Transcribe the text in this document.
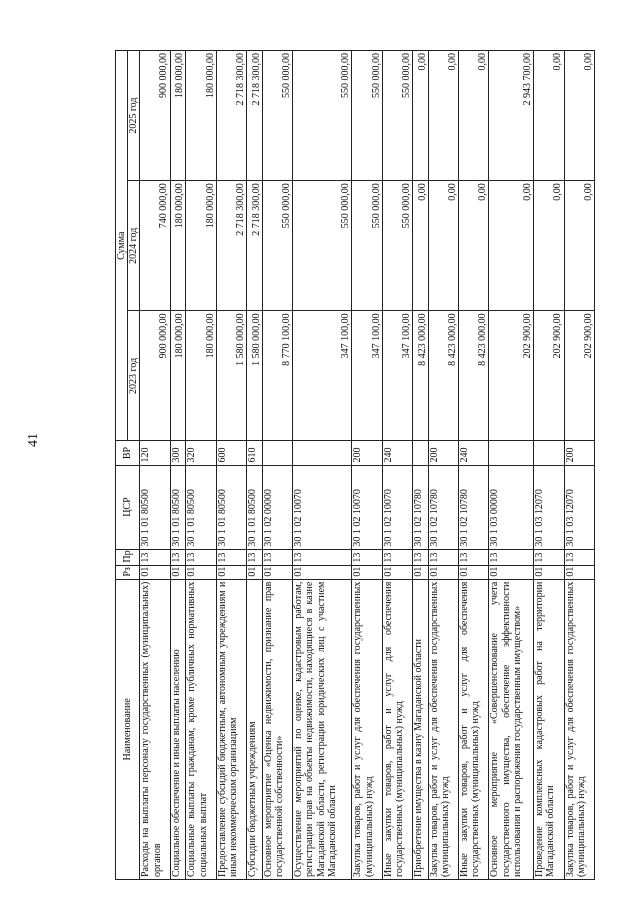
41
Наименование	Рз	Пр	ЦСР	ВР	Сумма		
					2023 год	2024 год	2025 год
Расходы на выплаты персоналу государственных (муниципальных) органов	01	13	30 1 01 80500	120	900 000,00	740 000,00	900 000,00
Социальное обеспечение и иные выплаты населению	01	13	30 1 01 80500	300	180 000,00	180 000,00	180 000,00
Социальные выплаты гражданам, кроме публичных нормативных социальных выплат	01	13	30 1 01 80500	320	180 000,00	180 000,00	180 000,00
Предоставление субсидий бюджетным, автономным учреждениям и иным некоммерческим организациям	01	13	30 1 01 80500	600	1 580 000,00	2 718 300,00	2 718 300,00
Субсидии бюджетным учреждениям	01	13	30 1 01 80500	610	1 580 000,00	2 718 300,00	2 718 300,00
Основное мероприятие «Оценка недвижимости, признание прав государственной собственности»	01	13	30 1 02 00000		8 770 100,00	550 000,00	550 000,00
Осуществление мероприятий по оценке, кадастровым работам, регистрации прав на объекты недвижимости, находящиеся в казне Магаданской области, регистрации юридических лиц с участием Магаданской области	01	13	30 1 02 10070		347 100,00	550 000,00	550 000,00
Закупка товаров, работ и услуг для обеспечения государственных (муниципальных) нужд	01	13	30 1 02 10070	200	347 100,00	550 000,00	550 000,00
Иные закупки товаров, работ и услуг для обеспечения государственных (муниципальных) нужд	01	13	30 1 02 10070	240	347 100,00	550 000,00	550 000,00
Приобретение имущества в казну Магаданской области	01	13	30 1 02 10780		8 423 000,00	0,00	0,00
Закупка товаров, работ и услуг для обеспечения государственных (муниципальных) нужд	01	13	30 1 02 10780	200	8 423 000,00	0,00	0,00
Иные закупки товаров, работ и услуг для обеспечения государственных (муниципальных) нужд	01	13	30 1 02 10780	240	8 423 000,00	0,00	0,00
Основное мероприятие «Совершенствование учета государственного имущества, обеспечение эффективности использования и распоряжения государственным имуществом»	01	13	30 1 03 00000		202 900,00	0,00	2 943 700,00
Проведение комплексных кадастровых работ на территории Магаданской области	01	13	30 1 03 12070		202 900,00	0,00	0,00
Закупка товаров, работ и услуг для обеспечения государственных (муниципальных) нужд	01	13	30 1 03 12070	200	202 900,00	0,00	0,00
